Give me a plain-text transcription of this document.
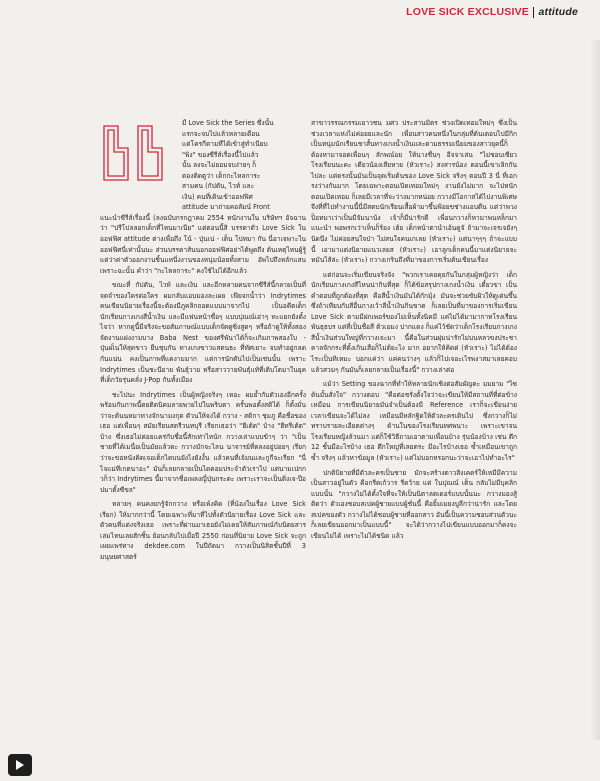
LOVE SICK EXCLUSIVE attitude

มื Love Sick the Series ซึ่งนั้น

แรกจะจบไปแล้วหลายเดือน

แต่โครกีตามทีได้เข้าสู่ทำเนียบ

"พิง" ของซีรีส์เรื่องนี้ไปแล้ว

นั้น ลงจะไม่ยอมจบง่ายๆ ก็

ตองติดตูว่า เด็กกะไหลการะ

สามคน (กัปตัน, ไวท์ และ

เงิน) คนที่เดินเข้าออฟฟิศ

attitude มาถ่ายคอลัมน์ Front

แนะนำซีรีส์เรื่องนี้ (ลงฉบับกรกฎาคม 2554 หนักงานใน บริษัทฯ อัจฉานว่า "ปรีโปลลอกเด็กที่ไหนมาเนีย" แต่ตอนนี้สิ บรรดาตัว Love Sick ในออฟฟิศ attitude ต่างเพื่อถึง โน้ - ปุ่นเน่ - เต็น โปทมา กัน นี่อาเจพาะในออฟฟิศนี่เท่านั้นนะ ส่วนบรรดาส้นนอกออฟฟิศอย่าได้พูดถึง ต้นเหตุไหนผู้รู้แต่ว่าค่าตัวออกงานชิ้นแหนึ่งงานของหนุ่มน้อยทั้งสาม อัพไปถึงหลักแสน เพราะฉะนั้น คำว่า "กะไหลการะ" คงใช้ไม่ได้อีกแล้ว

ขณะที่ กัปตัน, ไวท์ และเงิน และอีกหลายคนจากซีรีส์นี้กลายเป็นที่จดจำของใครต่อใคร ผมกลับแอบมองละเผย เฟียจกน้ำว่า Indrytimes คนเขียนนิยายเรื่องนี้จะต้องมีภูคลิกถอดแบบมาจากไป เป็นอดีตเด็กนักเรียนกางเกงสีน้ำเงิน และมีแฟนหน้าซื่อๆ แบบปุณณ์เอ่าๆ ทะแยกยังตั้งไจว่า หากดูนี้มีจริงจะขอสัมภาษณ์แบบเด็กจัดดูซิ่งสูดๆ หรือถ้าดูให้ทั้งสองจัดงานแฝงงามบาง Baba Nest ของศรีพันาได้ก็จะเกิมภาพสองใบ - ปุ่นผเ็นให้สุดขาว ยืนชุบกัน ทางเกงขาวแสดนธะ ที่ทัศเยาะ จบทำอยู่กลดกันแน่น คงเป็นภาพที่แดงามมาก แต่การนักดันไปเป็นเช่นนั้น เพราะ Indrytimes เป็นชะนียาย พันธุ์วาย หรือสาววายพันธุ์แท้ที่เติบโตมาในยุคที่เด็กวัยรุ่นคลั่ง J-Pop กันทั้งเมือง

ชะไปนะ Indrytimes เป็นผู้หญิงจริงๆ เหอะ ผมย้ำกับตัวเองอีกครั้ง พร้อมกับภาพนี้ดยติดนิคมลายพายไปในพริบตา ครั้นพอตั้งสติได้ ก็ตั้งมั่นว่าจะต้นนหมาทางจักนามงกุด ตัวนให้จงได้ กวาง - สติกา ชุมภู คือชื่อของเธอ แต่เพื่อนๆ สมัยเรียนสตรีวนทบุรี เรียกเธอว่า "ฮีเต้ต" บ้าง "ฮีทรีเต้ต" บ้าง ซึ่งเธอไม่ค่อยเเคร่กับชื่อนี้สักเท่าไหน้ก กวางเล่าแบบข้าๆ ว่า "เป็นชายที่ได้เมนื่อเป็นมัยแล้วดะ กวางมักจะไลน นาจารย์ที่ตลงอยู่บ่อยๆ เรียกว่าจะขอหนังคิดเจอเด็กไดบนยังไงยังงั้น แล้วคนที่เจ้มนและกูกีจะเรียก "นี่ไจแม่ทีเกตนาอะ" มันก็เลยกลายเป็นไดตอมประจำตัวเราไป แต่นามเปกกวก็ว่า Indrytimes นี้มาจากชื่อเพลงญี่ปุ่นกระดะ เพราะเราจะเป็นติ่งเจ-ป๊อปมาตั้งซีขล"

หลายๆ คนคงยกรู้จักกวาง หรือเพ้งคิด (ที่น้องในเรื่อง Love Sick เรียก) ให้มากกว่านี้ โดยเฉพาะที่มาที่ไปทั้งตัวนิยายเรื่อง Love Sick และตัวคนที่แต่งจริงเธอ เพราะที่ผ่านมาเธอยังไม่เคยให้สัมภาษณ์กับนิตยสารเล่มไหนเลยสักชิ้น ย้อนกลับไปเมื่อปี 2550 ก่อนที่นิยาย Love Sick จะถูกเผยแพร่ทาง dekdee.com ในปีถัดมา กวางเป็นนิสิตชั้นปีที่ 3 มนุษยศาสตร์

สาขาวรรณกรรมเยาวชน มศว ประสานมิตร ช่วงเปิดเทอมใหม่ๆ ซึ่งเป็นช่วงเวลาแห่งไม่ค่อยยและนัก เพื่อนสาวคนหนึ่งในกลุ่มที่ต้นเตอบไปมีกิกเป็นหนุ่มนักเรียนชาสั้นทางเกงน้ำเงินและตามธรรมเนียมของสาวยุคนี้ก็ต้องหามาจอดเพื่อนๆ ลักพณ์อย ให้นางชื่นๆ อีจจาเล่น "ไม่ชอบเซียวโรงเรียนนะคะ เดียวน้องเสียหาย (หัวเราะ) สงสารน้อง ตอนนี้เขาเลิกกันไปละ แต่ตรงนั้นมันเป็นจุดเริ่มต้นของ Love Sick จริงๆ ตอนปี 3 นี่ ที่เอกรงว่างกันมาก โดยเฉพาะตอนเปิดเทอมใหม่ๆ งานยังไม่มาก จะไปหนักตอนเปิดเทอม ก็เลยมีเวลาที่จะว่างมากหน่อย กวางมีโอกาสได้ไปงานพิเศษจึงที่ที่ไปทำงานนี้นี่มีสดบนักเรียนเสื้อผ้ามาขึ้นฟ้อยขช่างแอบดีน แต่ว่าพวงป็อทมาเว่าเป็นมีจัมนาน้ง เจ้าก็มีน่ารักดี เพื่อนกวางก็หามาพนหล็กมาแนะนำ พอพรกเว่าเห็นก็ร้อง เฮ้ย เด็กหน้าตานำเอ้นดูจั ถ้ามาจะเจรเจยังๆ นิดนึง ไม่ค่อยสนใจป่า ไม่สนใจคนเกเลย (หัวเราะ) แต่นาๆๆๆ ถ้าจะแบบ นี้ เอามาแต่งนิยายแนวเลยส (หัวเราะ) เอาลูกเด็กคนนี้มาแต่งนิยายจะ หมันไส้ล่ะ (หัวเราะ) กวางเกรินถึงที่มาของการเริ่มต้นเขียนเรื่อง

แต่ก่อนจะเริ่มเขียนจริงจัง "พวกเราเคยคุยกันในกลุ่มผู้หญิงว่า เด็กนักเรียนกางเกงสีไหนน่ากินที่สุด ก็ได้ข้อสรุปกางเกงน้ำเงิน เดี๋ยวขา เป็นคำตอบที่ถูกต้องที่สุด คือสีน้ำเงินมันได้กักมุ้ง มันจะช่วยขับผิวให้ดูเด่นขึ้น ซึ่งถ้าเทียบกับสีอื่นกางเว้าลีน้ำเงินกินขาด ก็เลยเป็นที่มาของการเริ่มเขียน Love Sick ตามมีฝกเพอร์ของไม่เห็นทั้งนิคมี แค่ไม่ได้มามากาทโรงเรียนพันธุธบร แต่ที่เป็นชื่อสี ต้วเอมง ปากแดง ก็แค่ไว้ชัดว่าเด็กโรงเรียนกางเกงสีน้ำเงินส่วนใหญ่ที่กวางเจะมา นี้คือในส่วนผุ่มน่ารักไม่บนหลวขงประชาคาลจักกระที่ตั้งเกินเสือก็ไม่ต้ยะไง มาก อยากให้คิดด่ (หัวเราะ) ไม่ได้ต้องไระเป็นทิเหมะ บอกแค่ว่า แค่คนว่างๆ แล้วก็ไปเจอะเไรพงาสมาเลยคอบ แล้วสวมๆ กันมันก็เลยกลายเป็นเรื่องนี้" กวางเล่าต่อ

แม้ว่า Setting ของฉากที่ทำให้หลายนักเชิงต่อสัมผัญดะ มมยาม "ไซ ต้นมั้นสั่งใจ" กวางตอบ "คือต่อชรั่งตั้งใจว่าจะเขียนให้มีสถานที่ที่ต่อข้างเหมือน การเขียนนิยายมันจำเป็นต้องมี Reference เราก็จะเขียนง่าย เวลาเขียนจะได้ไม่ลง เหมือนมีหลักฐิดให้ตัวละครเดินไป ซึ่งกวางก็ไม่ทราบรายละเอียดต่างๆ ด้านในของโรงเรียนทศพนาะ เพราะเขาจนโรงเรียนหญิงล้วนมา แต่ก็ใช้วิธีถามเอาตามเพื่อนบ้าง รุ่นน้องบ้าง เช่น ตึก 12 ชั้นมีอะไรบ้าง เธอ ตึกใหญ่ที่เลยตระ มีอะไรบ้างเธอ ซ้ำเหมือนเขาถูกซ้ำ จริงๆ แล้วหาข้อมูล (หัวเราะ) แต่ไม่บอกหรอกนะว่าจะเอาไปทำอะไร"

ปกติบิยายที่มีตัวละครเป็นชาย มักจะสร้างดาวสิงเคดร์ให้เหมีมีความเป็นสาวอยู่ในตัว คือกรีดเก้วาร รีดว้าย แต่ ในปุณณ์ เต็น กลับไม่มีบุคลิกแบบนั้น "กวางไม่ได้ตั้งใจที่จะให้เป็นนิตาลตเดอร์แบบนั้นนะ กวางมองสู้ติดว่า ตัวเองชอบสเปคผู้ชายแบบผู้ชั่นนี้ คือยิ้มเมยงบูลีกว่าน่ารัก และโดยสเปคของตัว กวางไม่ได้ชอบผู้ชายที่ออกสาว อันนี้เป็นความชอบส่วนตัวนะ ก็เลยเขียนออกมาเป็นแบบนี้" จะได้ว่ากวางไปเขียนแบบออกมาก็คงจะเขียนไม่ได้ เพราะไม่ได้ชนิด แล้ว
